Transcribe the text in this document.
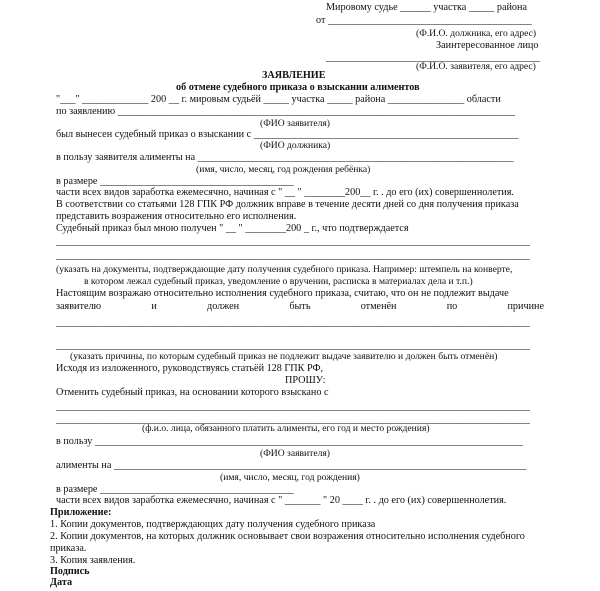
Мировому судье ______ участка _____ района
от ________________________________________
(Ф.И.О. должника, его адрес)
Заинтересованное лицо
__________________________________________
(Ф.И.О. заявителя, его адрес)
ЗАЯВЛЕНИЕ
об отмене судебного приказа о взыскании алиментов
"___" _____________ 200 __ г. мировым судьёй _____ участка _____ района _______________ области
по заявлению ______________________________________________________________________________
(ФИО заявителя)
был вынесен судебный приказ о взыскании с ____________________________________________________
(ФИО должника)
в пользу заявителя алименты на ______________________________________________________________
(имя, число, месяц, год рождения ребёнка)
в размере ______________________________________
части всех видов заработка ежемесячно, начиная с " __ " ________200__ г. . до его (их) совершеннолетия.
В соответствии со статьями 128 ГПК РФ должник вправе в течение десяти дней со дня получения приказа
представить возражения относительно его исполнения.
Судебный приказ был мною получен " __ " ________200 _ г., что подтверждается
_____________________________________________________________________________________________
_____________________________________________________________________________________________
(указать на документы, подтверждающие дату получения судебного приказа. Например: штемпель на конверте,
в котором лежал судебный приказ, уведомление о вручении, расписка в материалах дела и т.п.)
Настоящим возражаю относительно исполнения судебного приказа, считаю, что он не подлежит выдаче
заявителю	и	должен	быть	отменён	по	причине
_____________________________________________________________________________________________
_____________________________________________________________________________________________
(указать причины, по которым судебный приказ не подлежит выдаче заявителю и должен быть отменён)
Исходя из изложенного, руководствуясь статьёй 128 ГПК РФ,
ПРОШУ:
Отменить судебный приказ, на основании которого взыскано с
_____________________________________________________________________________________________
_____________________________________________________________________________________________
(ф.и.о. лица, обязанного платить алименты, его год и место рождения)
в пользу ____________________________________________________________________________________
(ФИО заявителя)
алименты на _________________________________________________________________________________
(имя, число, месяц, год рождения)
в размере ______________________________________
части всех видов заработка ежемесячно, начиная с " _______ " 20 ____ г. . до его (их) совершеннолетия.
Приложение:
1. Копии документов, подтверждающих дату получения судебного приказа
2. Копии документов, на которых должник основывает свои возражения относительно исполнения судебного
приказа.
3. Копия заявления.
Подпись
Дата
